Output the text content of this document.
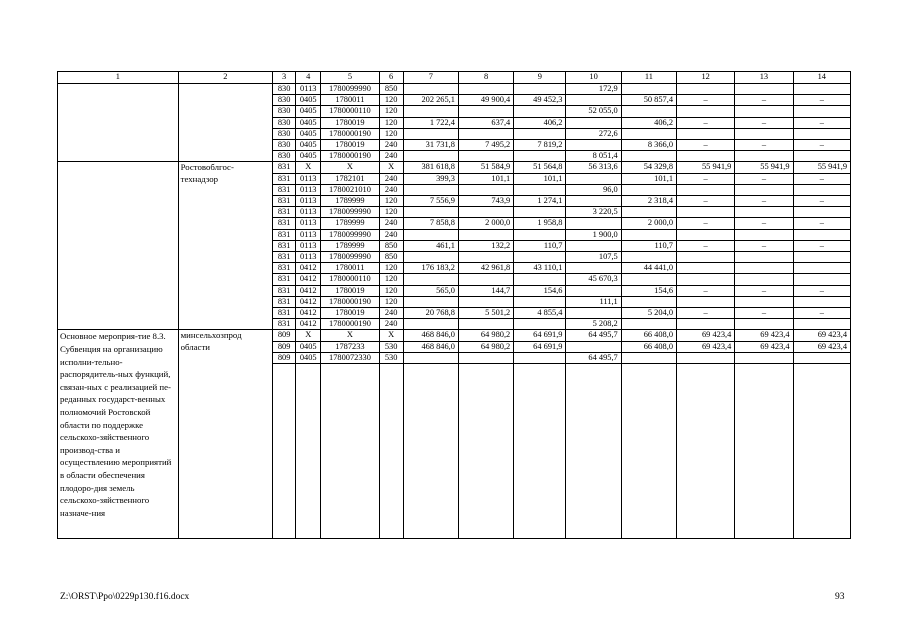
1	2	3	4	5	6	7	8	9	10	11	12	13	14
		830	0113	1780099990	850				172,9				
		830	0405	1780011	120	202 265,1	49 900,4	49 452,3		50 857,4	–	–	–
		830	0405	1780000110	120				52 055,0				
		830	0405	1780019	120	1 722,4	637,4	406,2		406,2	–	–	–
		830	0405	1780000190	120				272,6				
		830	0405	1780019	240	31 731,8	7 495,2	7 819,2		8 366,0	–	–	–
		830	0405	1780000190	240				8 051,4				
	Ростовоблгос-технадзор	831	Х	Х	Х	381 618,8	51 584,9	51 564,8	56 313,6	54 329,8	55 941,9	55 941,9	55 941,9
		831	0113	1782101	240	399,3	101,1	101,1		101,1	–	–	–
		831	0113	1780021010	240				96,0				
		831	0113	1789999	120	7 556,9	743,9	1 274,1		2 318,4	–	–	–
		831	0113	1780099990	120				3 220,5				
		831	0113	1789999	240	7 858,8	2 000,0	1 958,8		2 000,0	–	–	–
		831	0113	1780099990	240				1 900,0				
		831	0113	1789999	850	461,1	132,2	110,7		110,7	–	–	–
		831	0113	1780099990	850				107,5				
		831	0412	1780011	120	176 183,2	42 961,8	43 110,1		44 441,0			
		831	0412	1780000110	120				45 670,3				
		831	0412	1780019	120	565,0	144,7	154,6		154,6	–	–	–
		831	0412	1780000190	120				111,1				
		831	0412	1780019	240	20 768,8	5 501,2	4 855,4		5 204,0	–	–	–
		831	0412	1780000190	240				5 208,2				
Основное мероприя-тие 8.3. Субвенция на организацию исполни-тельно-распорядитель-ных функций, связан-ных с реализацией пе-реданных государст-венных полномочий Ростовской области по поддержке сельскохо-зяйственного производ-ства и осуществлению мероприятий в области обеспечения плодоро-дия земель сельскохо-зяйственного назначе-ния	минсельхозпрод области	809	Х	Х	Х	468 846,0	64 980,2	64 691,9	64 495,7	66 408,0	69 423,4	69 423,4	69 423,4
		809	0405	1787233	530	468 846,0	64 980,2	64 691,9		66 408,0	69 423,4	69 423,4	69 423,4
		809	0405	1780072330	530				64 495,7				

Z:\ORST\Ppo\0229p130.f16.docx	93
